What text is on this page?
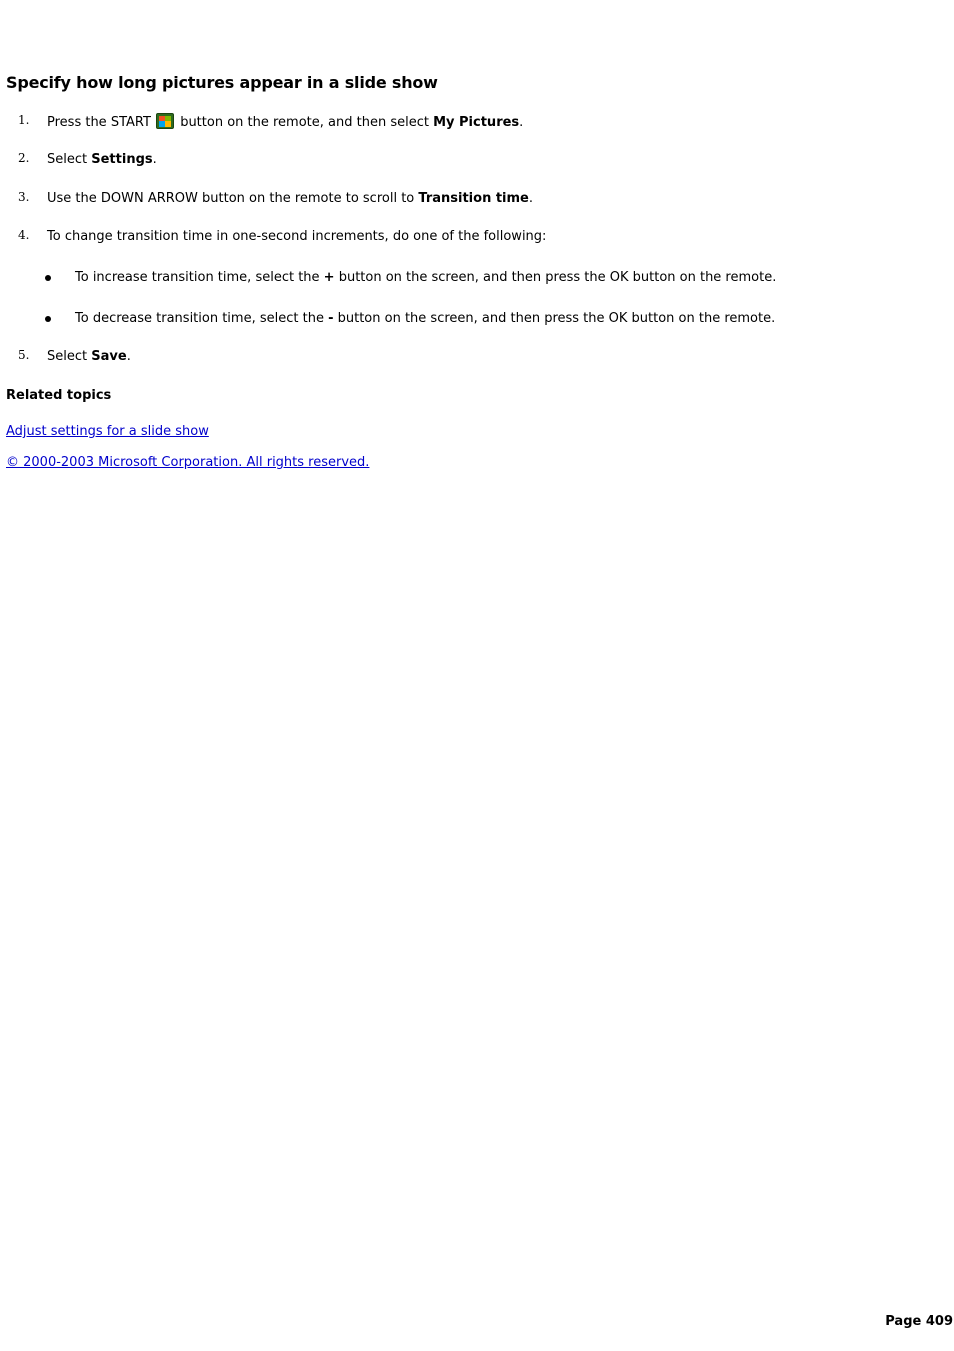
Specify how long pictures appear in a slide show
1. Press the START
button on the remote, and then select My Pictures.
2. Select Settings.
3. Use the DOWN ARROW button on the remote to scroll to Transition time.
4. To change transition time in one-second increments, do one of the following:
To increase transition time, select the + button on the screen, and then press the OK button on the remote.
To decrease transition time, select the - button on the screen, and then press the OK button on the remote.
5. Select Save.
Related topics
Adjust settings for a slide show
© 2000-2003 Microsoft Corporation. All rights reserved.
Page 409
